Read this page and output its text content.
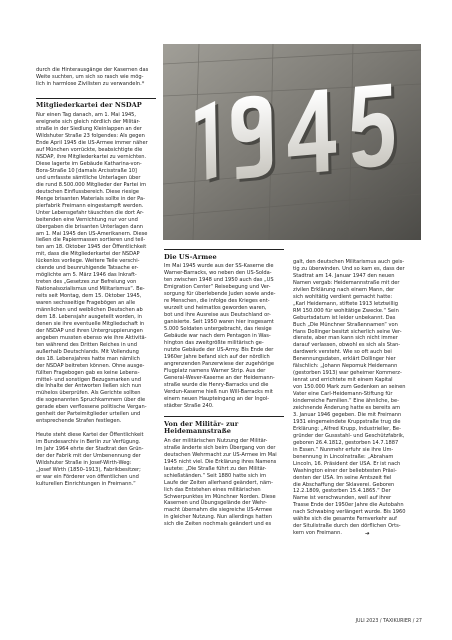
durch die Hinterausgänge der Kasernen das
Weite suchten, um sich so rasch wie mög-
lich in harmlose Zivilisten zu verwandeln.*

Mitgliederkartei der NSDAP

Nur einen Tag danach, am 1. Mai 1945,
ereignete sich gleich nördlich der Militär-
straße in der Siedlung Kleinlappen an der
Wildshuter Straße 23 folgendes: Als gegen
Ende April 1945 die US-Armee immer näher
auf München vorrückte, beabsichtigte die
NSDAP, ihre Mitgliederkartei zu vernichten.
Diese lagerte im Gebäude Katharina-von-
Bora-Straße 10 [damals Arcisstraße 10]
und umfasste sämtliche Unterlagen über
die rund 8.500.000 Mitglieder der Partei im
deutschen Einflussbereich. Diese riesige
Menge brisanten Materials sollte in der Pa-
pierfabrik Freimann eingestampft werden.
Unter Lebensgefahr täuschten die dort Ar-
beitenden eine Vernichtung nur vor und
übergaben die brisanten Unterlagen dann
am 1. Mai 1945 den US-Amerikanern. Diese
ließen die Papiermassen sortieren und teil-
ten am 18. Oktober 1945 der Öffentlichkeit
mit, dass die Mitgliederkartei der NSDAP
lückenlos vorliege. Weitere Teile verschi-
ckende und beunruhigende Tatsache er-
möglichte am 5. März 1946 das Inkraft-
treten des „Gesetzes zur Befreiung von
Nationalsozialismus und Militarismus“. Be-
reits seit Montag, dem 15. Oktober 1945,
waren sechsseitige Fragebögen an alle
männlichen und weiblichen Deutschen ab
dem 18. Lebensjahr ausgeteilt worden, in
denen sie ihre eventuelle Mitgliedschaft in
der NSDAP und ihren Untergruppierungen
angeben mussten ebenso wie ihre Aktivitä-
ten während des Dritten Reiches in und
außerhalb Deutschlands. Mit Vollendung
des 18. Lebensjahres hatte man nämlich
der NSDAP beitreten können. Ohne ausge-
füllten Fragebogen gab es keine Lebens-
mittel- und sonstigen Bezugsmarken und
die Inhalte der Antworten ließen sich nun
mühelos überprüfen. Als Gerichte sollten
die sogenannten Spruchkammern über die
gerade eben verflossene politische Vergan-
genheit der Parteimitglieder urteilen und
entsprechende Strafen festlegen.
Heute steht diese Kartei der Öffentlichkeit
im Bundesarchiv in Berlin zur Verfügung.
Im Jahr 1964 ehrte der Stadtrat den Grün-
der der Fabrik mit der Umbenennung der
Wildshuter Straße in Josef-Wirth-Weg:
„Josef Wirth (1850–1913), Fabrikbesitzer;
er war ein Förderer von öffentlichen und
kulturellen Einrichtungen in Freimann.“

Die US-Armee

Im Mai 1945 wurde aus der SS-Kaserne die
Warner-Barracks, wo neben den US-Solda-
ten zwischen 1948 und 1950 auch das „US
Emigration Center“ Reisebegung und Ver-
sorgung für überlebende Juden sowie ande-
re Menschen, die infolge des Krieges ent-
wurzelt und heimatlos geworden waren,
bot und ihre Ausreise aus Deutschland or-
ganisierte. Seit 1950 waren hier insgesamt
5.000 Soldaten untergebracht, das riesige
Gebäude war nach dem Pentagon in Was-
hington das zweitgrößte militärisch ge-
nutzte Gebäude der US-Army. Bis Ende der
1960er Jahre befand sich auf der nördlich
angrenzenden Panzerwiese der zugehörige
Flugplatz namens Warner Strip. Aus der
General-Wever-Kaserne an der Heidemann-
straße wurde die Henry-Barracks und die
Verdun-Kaserne hieß nun Will-Barracks mit
einem neuen Haupteingang an der Ingol-
städter Straße 240.

Von der Militär- zur Heidemannstraße

An der militärischen Nutzung der Militär-
straße änderte sich beim Übergang von der
deutschen Wehrmacht zur US-Armee im Mai
1945 nicht viel. Die Erklärung ihres Namens
lautete: „Die Straße führt zu den Militär-
schießständen.“ Seit 1880 hatte sich im
Laufe der Zeiten allerhand geändert, näm-
lich das Entstehen eines militärischen
Schwerpunktes im Münchner Norden. Diese
Kasernen und Übungsgelände der Wehr-
macht übernahm die siegreiche US-Armee
in gleicher Nutzung. Nun allerdings hatten
sich die Zeiten nochmals geändert und es
galt, den deutschen Militarismus auch geis-
tig zu überwinden. Und so kam es, dass der
Stadtrat am 14. Januar 1947 den neuen
Namen vergab: Heidemannstraße mit der
zivilen Erklärung nach einem Mann, der
sich wohltätig verdient gemacht hatte:
„Karl Heidemann, stiftete 1913 letztwillig
RM 150.000 für wohltätige Zwecke.“ Sein
Geburtsdatum ist leider unbekannt. Das
Buch „Die Münchner Straßennamen“ von
Hans Dollinger besitzt sicherlich seine Ver-
dienste, aber man kann sich nicht immer
darauf verlassen, obwohl es sich als Stan-
dardwerk versteht. Wie so oft auch bei
Benennungsdaten, erklärt Dollinger hier
fälschlich: „Johann Nepomuk Heidemann
(gestorben 1913) war geheimer Kommerz-
ienrat und errichtete mit einem Kapital
von 150.000 Mark zum Gedenken an seinen
Vater eine Carl-Heidemann-Stiftung für
kinderreiche Familien.“ Eine ähnliche, be-
zeichnende Änderung hatte es bereits am
3. Januar 1946 gegeben. Die mit Freimann
1931 eingemeindete Kruppstraße trug die
Erklärung: „Alfred Krupp, Industrieller, Be-
gründer der Gussstahl- und Geschützfabrik,
geboren 26.4.1812, gestorben 14.7.1887
in Essen.“ Nunmehr erfuhr sie ihre Um-
benennung in Lincolnstraße: „Abraham
Lincoln, 16. Präsident der USA. Er ist nach
Washington einer der beliebtesten Präsi-
denten der USA. Im seine Amtszeit fiel
die Abschaffung der Sklaverei. Geboren
12.2.1809, gestorben 15.4.1865.“ Der
Name ist verschwunden, weil auf ihrer
Trasse Ende der 1950er Jahre die Autobahn
nach Schwabing verlängert wurde. Bis 1960
wählte sich die gesamte Fernverkehr auf
der Situlistraße durch den dörflichen Orts-
kern von Freimann.	➔
JULI 2023 / TAXIKURIER / 27
